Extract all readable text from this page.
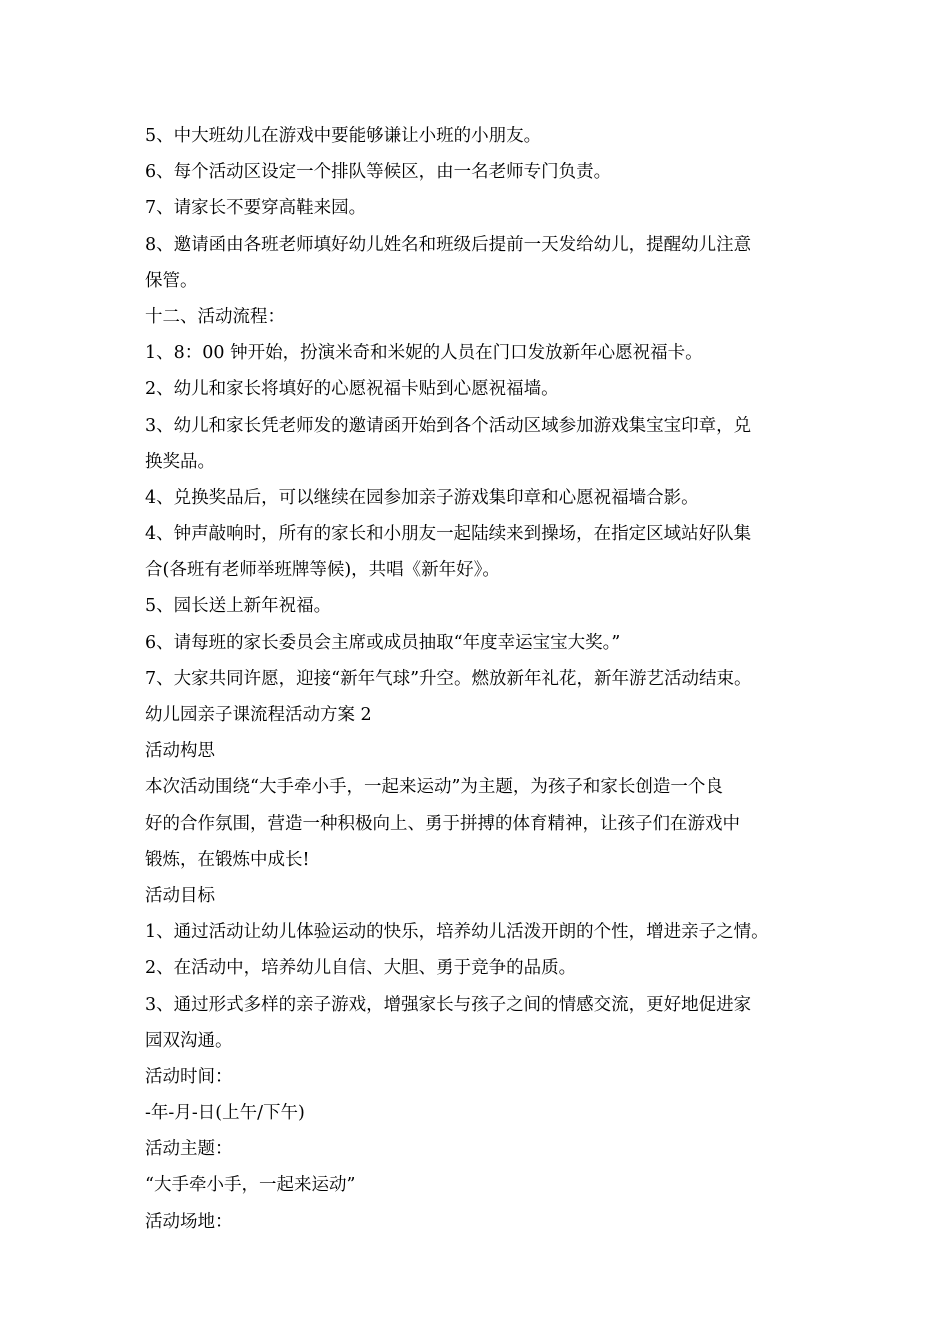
5、中大班幼儿在游戏中要能够谦让小班的小朋友。
6、每个活动区设定一个排队等候区，由一名老师专门负责。
7、请家长不要穿高鞋来园。
8、邀请函由各班老师填好幼儿姓名和班级后提前一天发给幼儿，提醒幼儿注意
保管。
十二、活动流程：
1、8：00 钟开始，扮演米奇和米妮的人员在门口发放新年心愿祝福卡。
2、幼儿和家长将填好的心愿祝福卡贴到心愿祝福墙。
3、幼儿和家长凭老师发的邀请函开始到各个活动区域参加游戏集宝宝印章，兑
换奖品。
4、兑换奖品后，可以继续在园参加亲子游戏集印章和心愿祝福墙合影。
4、钟声敲响时，所有的家长和小朋友一起陆续来到操场，在指定区域站好队集
合(各班有老师举班牌等候)，共唱《新年好》。
5、园长送上新年祝福。
6、请每班的家长委员会主席或成员抽取“年度幸运宝宝大奖。”
7、大家共同许愿，迎接“新年气球”升空。燃放新年礼花，新年游艺活动结束。
幼儿园亲子课流程活动方案 2
活动构思
本次活动围绕“大手牵小手，一起来运动”为主题，为孩子和家长创造一个良
好的合作氛围，营造一种积极向上、勇于拼搏的体育精神，让孩子们在游戏中
锻炼，在锻炼中成长!
活动目标
1、通过活动让幼儿体验运动的快乐，培养幼儿活泼开朗的个性，增进亲子之情。
2、在活动中，培养幼儿自信、大胆、勇于竞争的品质。
3、通过形式多样的亲子游戏，增强家长与孩子之间的情感交流，更好地促进家
园双沟通。
活动时间：
-年-月-日(上午/下午)
活动主题：
“大手牵小手，一起来运动”
活动场地：
